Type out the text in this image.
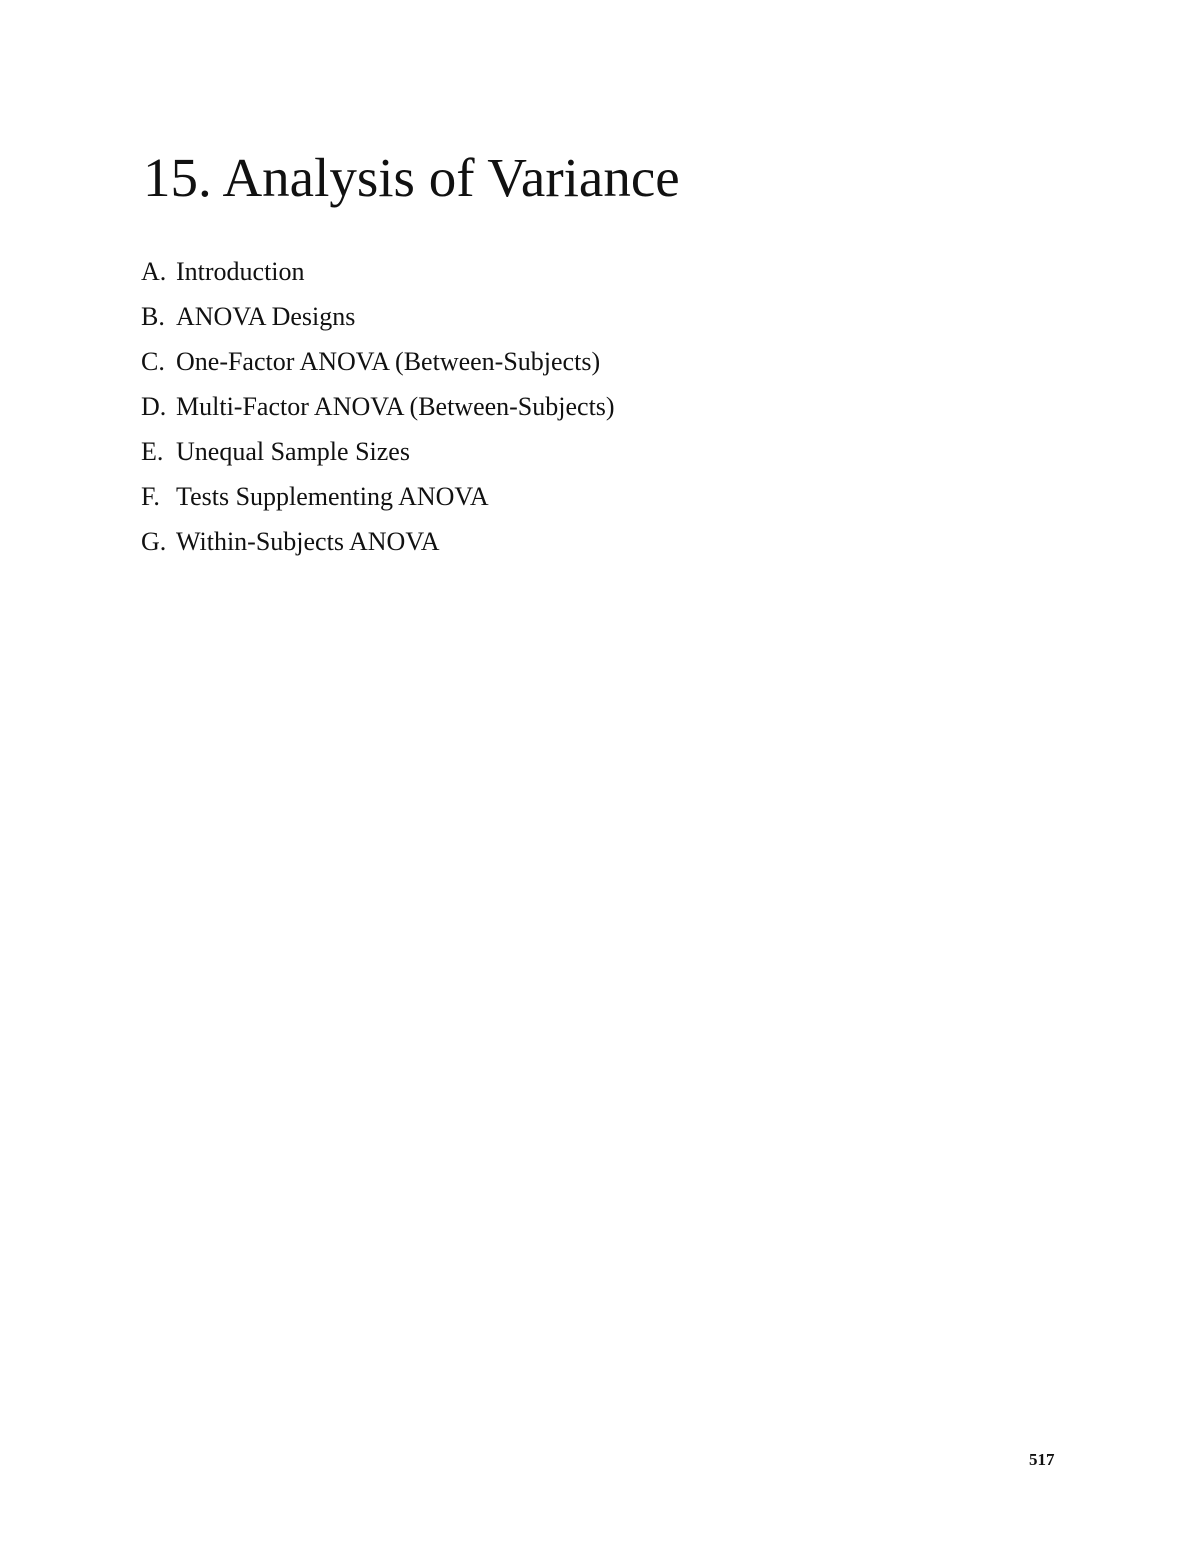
15. Analysis of Variance
A. Introduction
B. ANOVA Designs
C. One-Factor ANOVA (Between-Subjects)
D. Multi-Factor ANOVA (Between-Subjects)
E. Unequal Sample Sizes
F. Tests Supplementing ANOVA
G. Within-Subjects ANOVA
517
